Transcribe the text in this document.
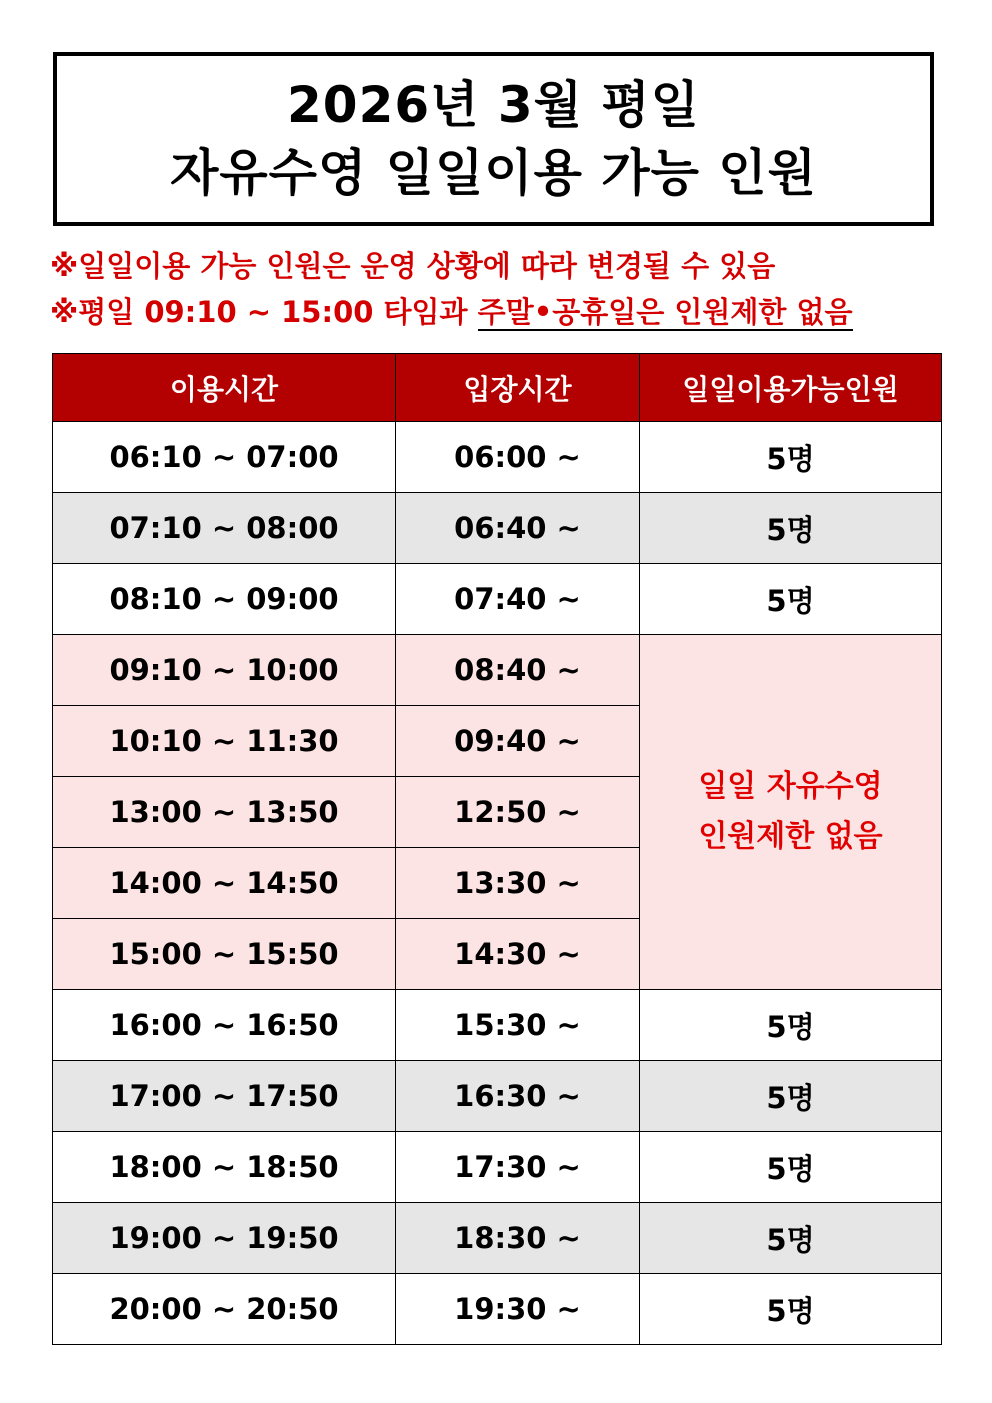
2026년 3월 평일
자유수영 일일이용 가능 인원
※일일이용 가능 인원은 운영 상황에 따라 변경될 수 있음
※평일 09:10 ~ 15:00 타임과 주말•공휴일은 인원제한 없음
이용시간	입장시간	일일이용가능인원
06:10 ~ 07:00	06:00 ~	5명
07:10 ~ 08:00	06:40 ~	5명
08:10 ~ 09:00	07:40 ~	5명
09:10 ~ 10:00	08:40 ~	일일 자유수영
인원제한 없음

10:10 ~ 11:30	09:40 ~	
13:00 ~ 13:50	12:50 ~	
14:00 ~ 14:50	13:30 ~	
15:00 ~ 15:50	14:30 ~	
16:00 ~ 16:50	15:30 ~	5명
17:00 ~ 17:50	16:30 ~	5명
18:00 ~ 18:50	17:30 ~	5명
19:00 ~ 19:50	18:30 ~	5명
20:00 ~ 20:50	19:30 ~	5명
